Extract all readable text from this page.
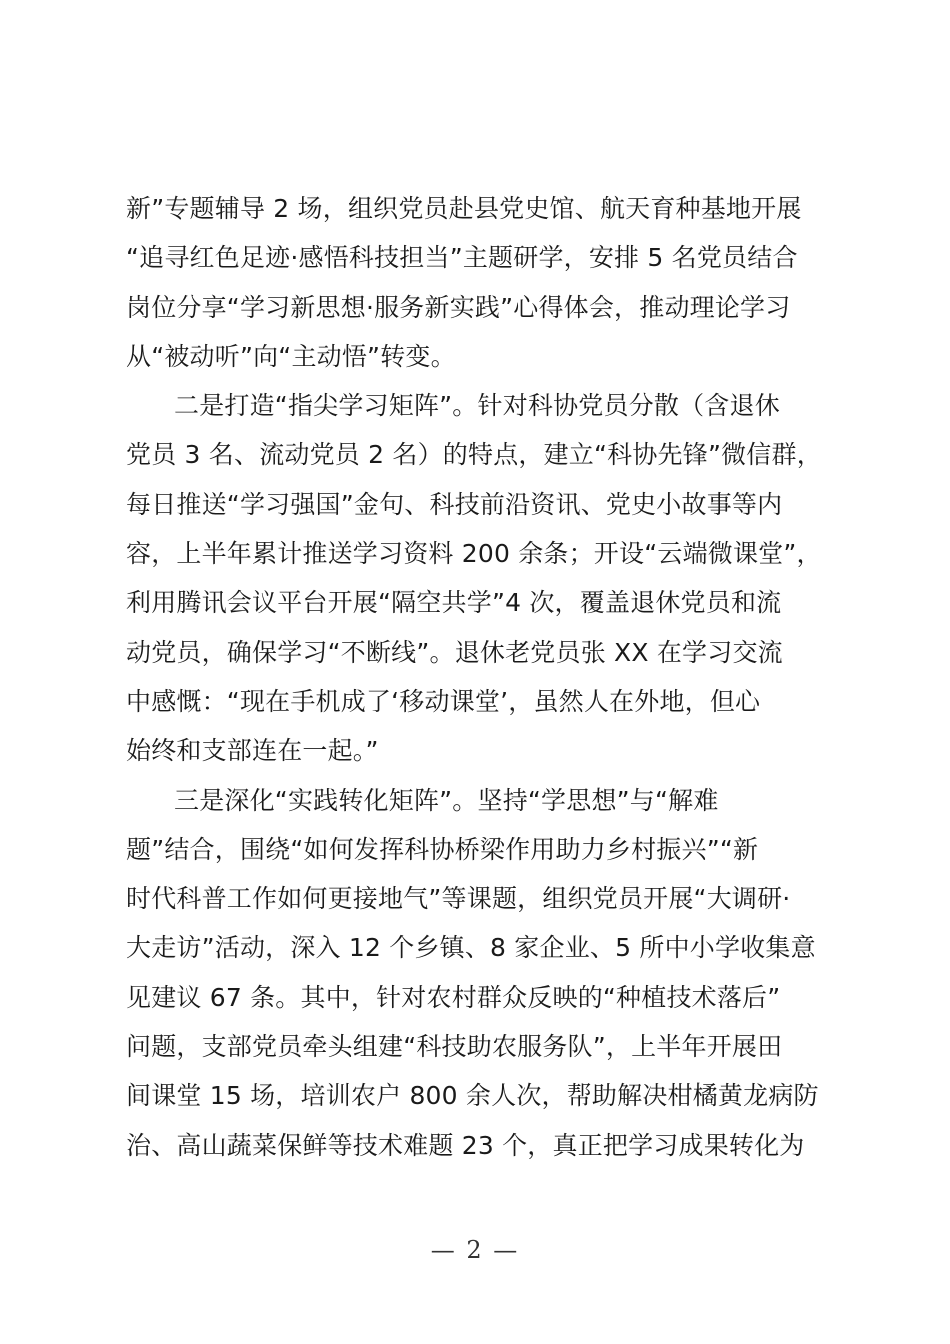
新”专题辅导 2 场，组织党员赴县党史馆、航天育种基地开展
“追寻红色足迹·感悟科技担当”主题研学，安排 5 名党员结合
岗位分享“学习新思想·服务新实践”心得体会，推动理论学习
从“被动听”向“主动悟”转变。
二是打造“指尖学习矩阵”。针对科协党员分散（含退休
党员 3 名、流动党员 2 名）的特点，建立“科协先锋”微信群，
每日推送“学习强国”金句、科技前沿资讯、党史小故事等内
容，上半年累计推送学习资料 200 余条；开设“云端微课堂”，
利用腾讯会议平台开展“隔空共学”4 次，覆盖退休党员和流
动党员，确保学习“不断线”。退休老党员张 XX 在学习交流
中感慨：“现在手机成了‘移动课堂’，虽然人在外地，但心
始终和支部连在一起。”
三是深化“实践转化矩阵”。坚持“学思想”与“解难
题”结合，围绕“如何发挥科协桥梁作用助力乡村振兴”“新
时代科普工作如何更接地气”等课题，组织党员开展“大调研·
大走访”活动，深入 12 个乡镇、8 家企业、5 所中小学收集意
见建议 67 条。其中，针对农村群众反映的“种植技术落后”
问题，支部党员牵头组建“科技助农服务队”，上半年开展田
间课堂 15 场，培训农户 800 余人次，帮助解决柑橘黄龙病防
治、高山蔬菜保鲜等技术难题 23 个，真正把学习成果转化为
— 2 —
